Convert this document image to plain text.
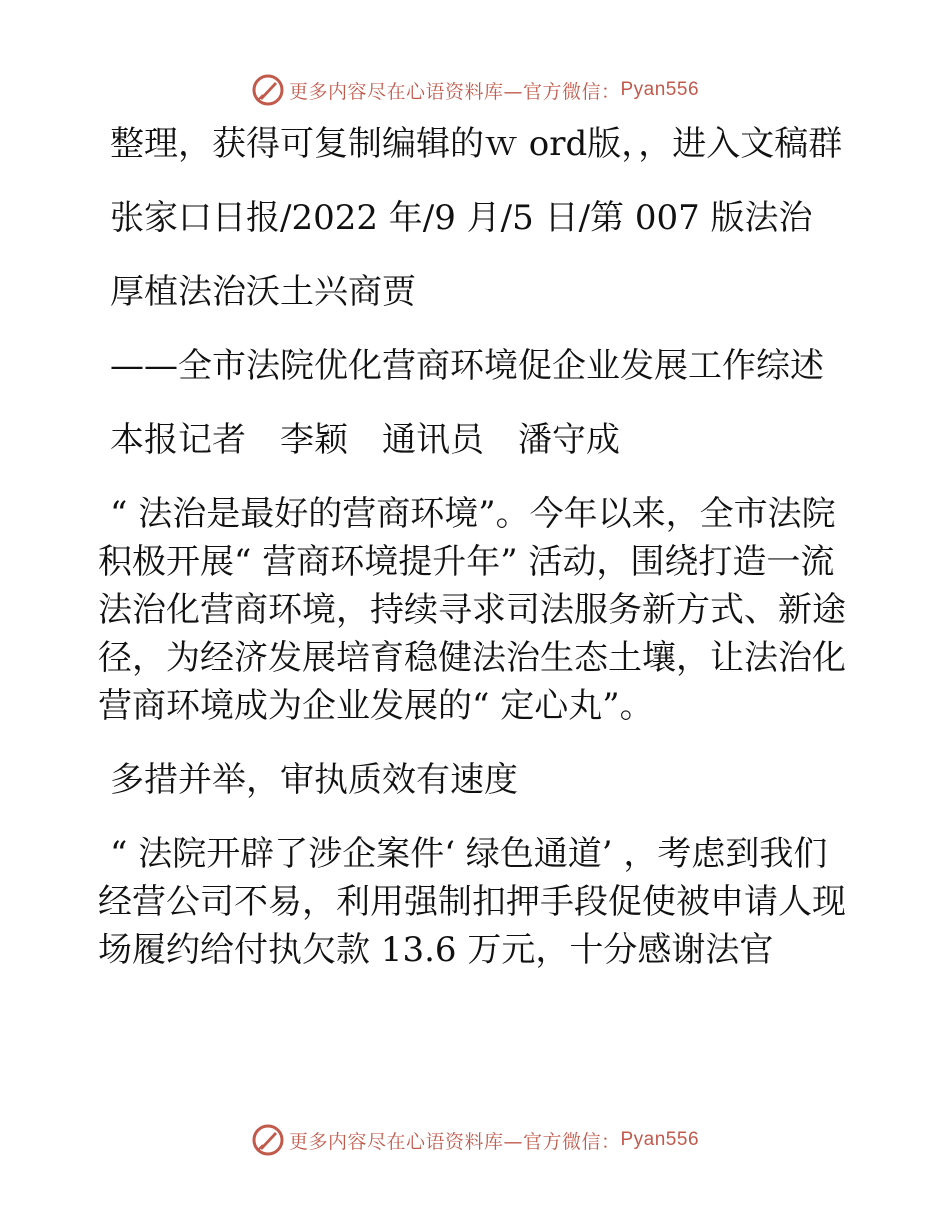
更多内容尽在心语资料库—官方微信： Pyan556

整理，获得可复制编辑的ｗ ord版，，进入文稿群

张家口日报/2022 年/9 月/5 日/第 007 版法治

厚植法治沃土兴商贾

——全市法院优化营商环境促企业发展工作综述

本报记者　李颖　通讯员　潘守成

“ 法治是最好的营商环境”。今年以来，全市法院积极开展“ 营商环境提升年” 活动，围绕打造一流法治化营商环境，持续寻求司法服务新方式、新途径，为经济发展培育稳健法治生态土壤，让法治化营商环境成为企业发展的“ 定心丸”。

多措并举，审执质效有速度

“ 法院开辟了涉企案件‘ 绿色通道’ ，考虑到我们经营公司不易，利用强制扣押手段促使被申请人现场履约给付执欠款 13.6 万元，十分感谢法官

更多内容尽在心语资料库—官方微信： Pyan556
